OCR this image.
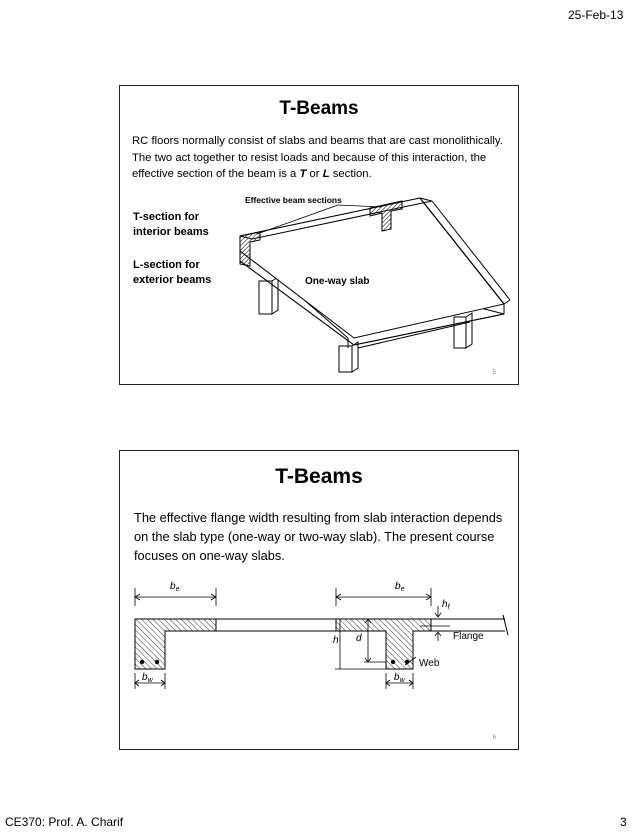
25-Feb-13
T-Beams
RC floors normally consist of slabs and beams that are cast monolithically. The two act together to resist loads and because of this interaction, the effective section of the beam is a T or L section.
T-section for interior beams
L-section for exterior beams
Effective beam sections
One-way slab
5
T-Beams
The effective flange width resulting from slab interaction depends on the slab type (one-way or two-way slab). The present course focuses on one-way slabs.
$b_e$	$b_e$
$h_f$
h d
$b_w$	$b_w$
Flange
Web
6
CE370: Prof. A. Charif	3
